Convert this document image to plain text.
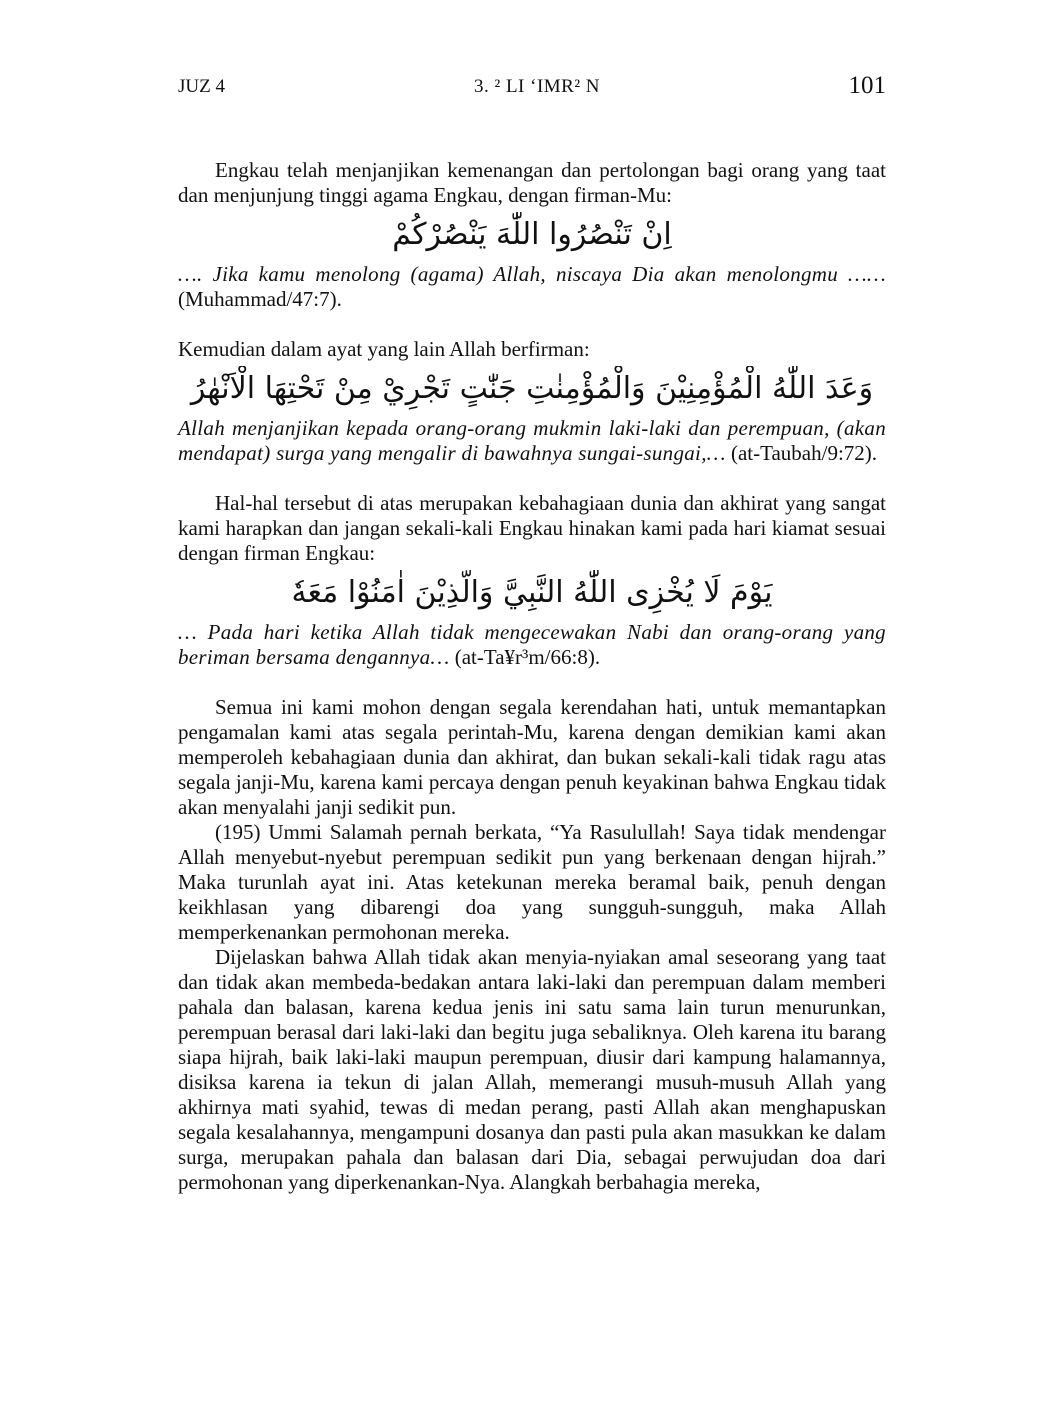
JUZ 4	3. ² LI ‘IMR² N	101

Engkau telah menjanjikan kemenangan dan pertolongan bagi orang yang taat dan menjunjung tinggi agama Engkau, dengan firman-Mu:

اِنْ تَنْصُرُوا اللّٰهَ يَنْصُرْكُمْ

…. Jika kamu menolong (agama) Allah, niscaya Dia akan menolongmu …… (Muhammad/47:7).

Kemudian dalam ayat yang lain Allah berfirman:

وَعَدَ اللّٰهُ الْمُؤْمِنِيْنَ وَالْمُؤْمِنٰتِ جَنّٰتٍ تَجْرِيْ مِنْ تَحْتِهَا الْاَنْهٰرُ

Allah menjanjikan kepada orang-orang mukmin laki-laki dan perempuan, (akan mendapat) surga yang mengalir di bawahnya sungai-sungai,… (at-Taubah/9:72).

Hal-hal tersebut di atas merupakan kebahagiaan dunia dan akhirat yang sangat kami harapkan dan jangan sekali-kali Engkau hinakan kami pada hari kiamat sesuai dengan firman Engkau:

يَوْمَ لَا يُخْزِى اللّٰهُ النَّبِيَّ وَالَّذِيْنَ اٰمَنُوْا مَعَهٗ

… Pada hari ketika Allah tidak mengecewakan Nabi dan orang-orang yang beriman bersama dengannya… (at-Ta¥r³m/66:8).

Semua ini kami mohon dengan segala kerendahan hati, untuk memantapkan pengamalan kami atas segala perintah-Mu, karena dengan demikian kami akan memperoleh kebahagiaan dunia dan akhirat, dan bukan sekali-kali tidak ragu atas segala janji-Mu, karena kami percaya dengan penuh keyakinan bahwa Engkau tidak akan menyalahi janji sedikit pun.

(195) Ummi Salamah pernah berkata, “Ya Rasulullah! Saya tidak mendengar Allah menyebut-nyebut perempuan sedikit pun yang berkenaan dengan hijrah.” Maka turunlah ayat ini. Atas ketekunan mereka beramal baik, penuh dengan keikhlasan yang dibarengi doa yang sungguh-sungguh, maka Allah memperkenankan permohonan mereka.

Dijelaskan bahwa Allah tidak akan menyia-nyiakan amal seseorang yang taat dan tidak akan membeda-bedakan antara laki-laki dan perempuan dalam memberi pahala dan balasan, karena kedua jenis ini satu sama lain turun menurunkan, perempuan berasal dari laki-laki dan begitu juga sebaliknya. Oleh karena itu barang siapa hijrah, baik laki-laki maupun perempuan, diusir dari kampung halamannya, disiksa karena ia tekun di jalan Allah, memerangi musuh-musuh Allah yang akhirnya mati syahid, tewas di medan perang, pasti Allah akan menghapuskan segala kesalahannya, mengampuni dosanya dan pasti pula akan masukkan ke dalam surga, merupakan pahala dan balasan dari Dia, sebagai perwujudan doa dari permohonan yang diperkenankan-Nya. Alangkah berbahagia mereka,
